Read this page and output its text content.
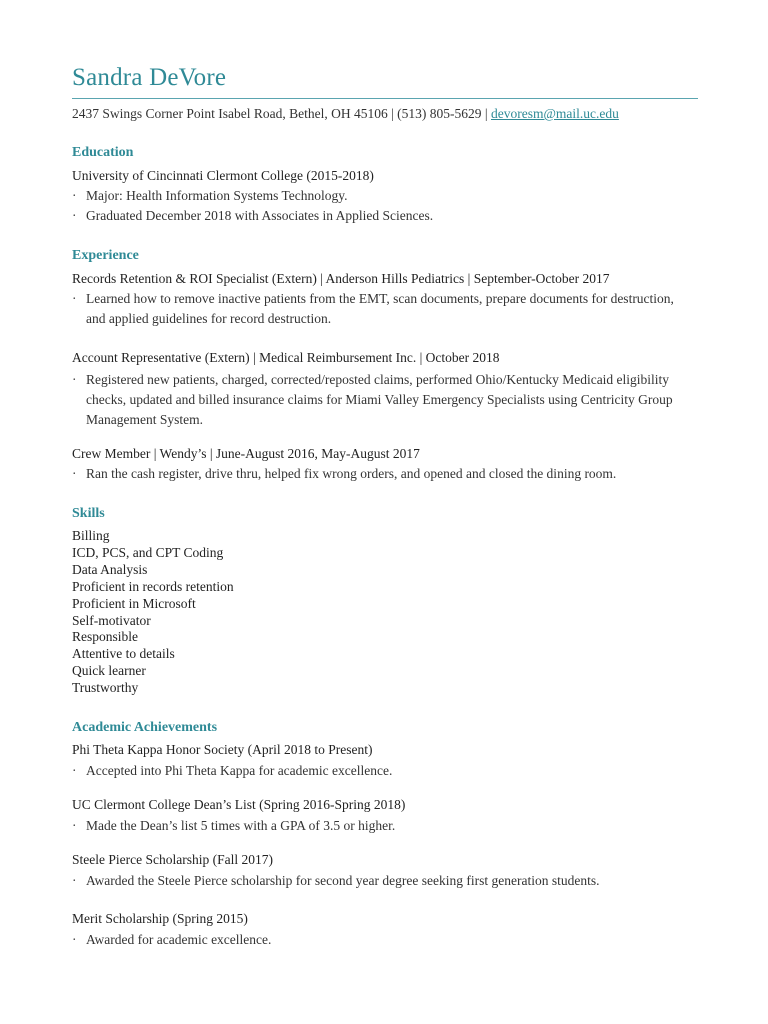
Sandra DeVore
2437 Swings Corner Point Isabel Road, Bethel, OH 45106 | (513) 805-5629 | devoresm@mail.uc.edu
Education
University of Cincinnati Clermont College (2015-2018)
· Major: Health Information Systems Technology.
· Graduated December 2018 with Associates in Applied Sciences.
Experience
Records Retention & ROI Specialist (Extern) | Anderson Hills Pediatrics | September-October 2017
· Learned how to remove inactive patients from the EMT, scan documents, prepare documents for destruction, and applied guidelines for record destruction.
Account Representative (Extern) | Medical Reimbursement Inc. | October 2018
· Registered new patients, charged, corrected/reposted claims, performed Ohio/Kentucky Medicaid eligibility checks, updated and billed insurance claims for Miami Valley Emergency Specialists using Centricity Group Management System.
Crew Member | Wendy’s | June-August 2016, May-August 2017
· Ran the cash register, drive thru, helped fix wrong orders, and opened and closed the dining room.
Skills
Billing
ICD, PCS, and CPT Coding
Data Analysis
Proficient in records retention
Proficient in Microsoft
Self-motivator
Responsible
Attentive to details
Quick learner
Trustworthy
Academic Achievements
Phi Theta Kappa Honor Society (April 2018 to Present)
· Accepted into Phi Theta Kappa for academic excellence.
UC Clermont College Dean’s List (Spring 2016-Spring 2018)
· Made the Dean’s list 5 times with a GPA of 3.5 or higher.
Steele Pierce Scholarship (Fall 2017)
· Awarded the Steele Pierce scholarship for second year degree seeking first generation students.
Merit Scholarship (Spring 2015)
· Awarded for academic excellence.
